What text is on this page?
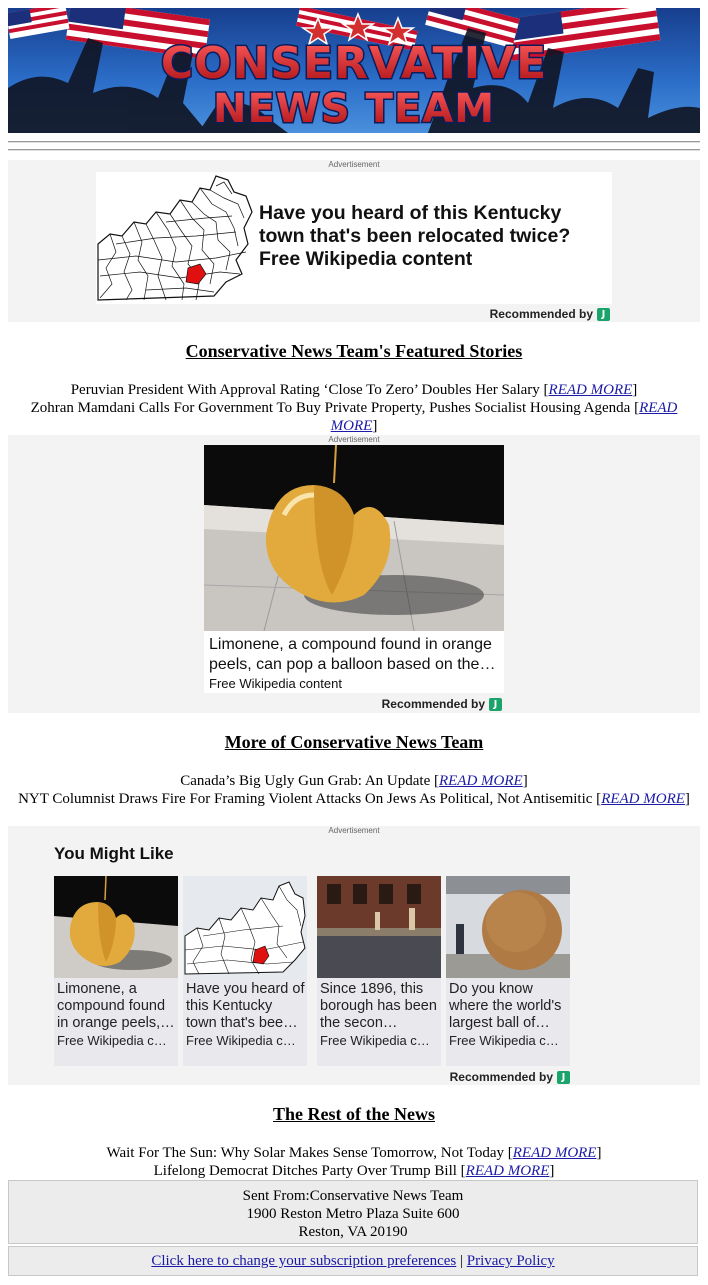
CONSERVATIVE
NEWS TEAM
Advertisement
Have you heard of this Kentucky town that's been relocated twice? Free Wikipedia content
Recommended by J
Conservative News Team's Featured Stories
Peruvian President With Approval Rating ‘Close To Zero’ Doubles Her Salary [READ MORE]
Zohran Mamdani Calls For Government To Buy Private Property, Pushes Socialist Housing Agenda [READ MORE]
Advertisement
Limonene, a compound found in orange peels, can pop a balloon based on the…
Free Wikipedia content
Recommended by J
More of Conservative News Team
Canada’s Big Ugly Gun Grab: An Update [READ MORE]
NYT Columnist Draws Fire For Framing Violent Attacks On Jews As Political, Not Antisemitic [READ MORE]
Advertisement
You Might Like
Limonene, a compound found in orange peels,…
Free Wikipedia c…
Have you heard of this Kentucky town that's bee…
Free Wikipedia c…
Since 1896, this borough has been the secon…
Free Wikipedia c…
Do you know where the world's largest ball of…
Free Wikipedia c…
Recommended by J
The Rest of the News
Wait For The Sun: Why Solar Makes Sense Tomorrow, Not Today [READ MORE]
Lifelong Democrat Ditches Party Over Trump Bill [READ MORE]
Sent From:Conservative News Team
1900 Reston Metro Plaza Suite 600
Reston, VA 20190
Click here to change your subscription preferences | Privacy Policy
